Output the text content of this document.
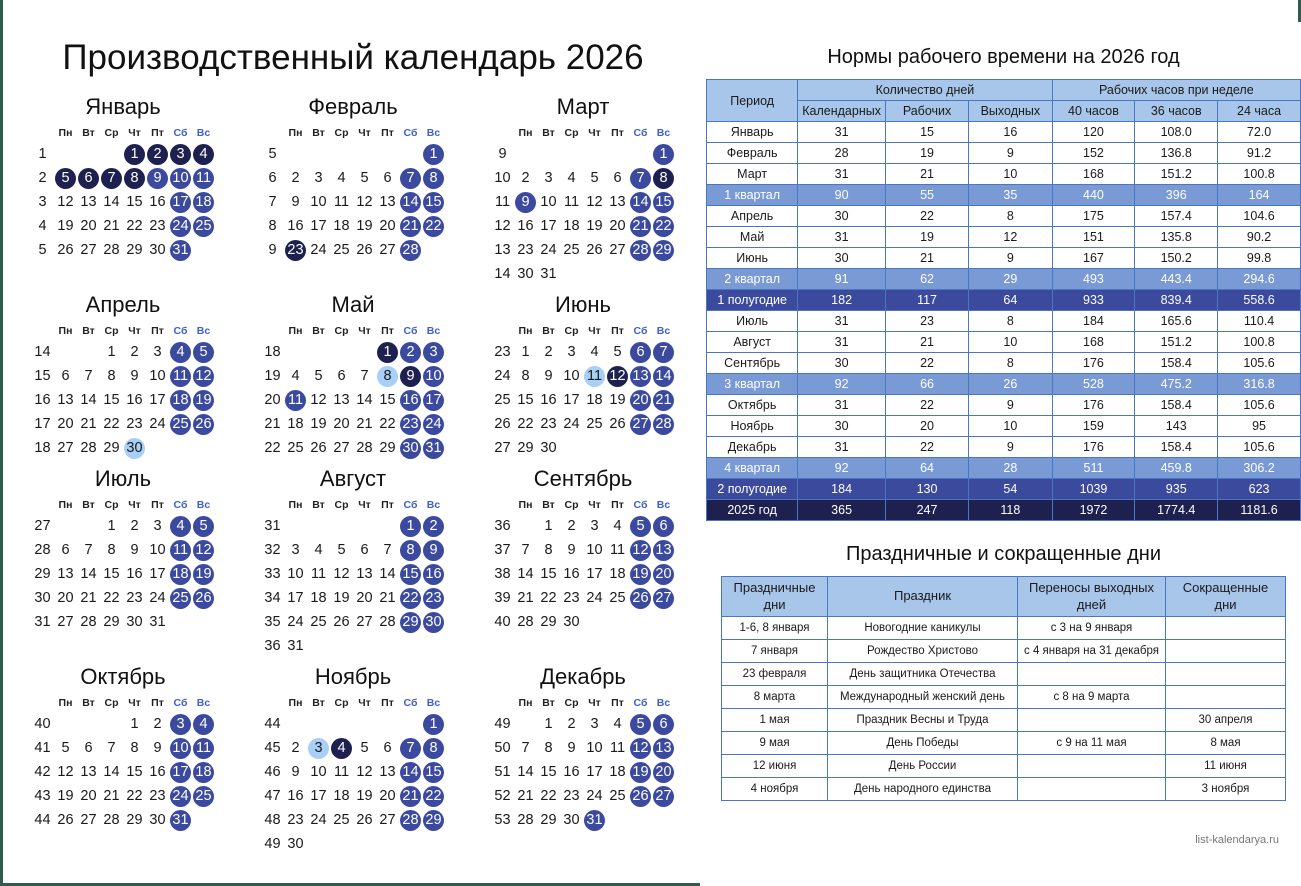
Производственный календарь 2026
Январь
	Пн	Вт	Ср	Чт	Пт	Сб	Вс
1				1	2	3	4
2	5	6	7	8	9	10	11
3	12	13	14	15	16	17	18
4	19	20	21	22	23	24	25
5	26	27	28	29	30	31	
Февраль
	Пн	Вт	Ср	Чт	Пт	Сб	Вс
5							1
6	2	3	4	5	6	7	8
7	9	10	11	12	13	14	15
8	16	17	18	19	20	21	22
9	23	24	25	26	27	28	
Март
	Пн	Вт	Ср	Чт	Пт	Сб	Вс
9							1
10	2	3	4	5	6	7	8
11	9	10	11	12	13	14	15
12	16	17	18	19	20	21	22
13	23	24	25	26	27	28	29
14	30	31					
Апрель
	Пн	Вт	Ср	Чт	Пт	Сб	Вс
14			1	2	3	4	5
15	6	7	8	9	10	11	12
16	13	14	15	16	17	18	19
17	20	21	22	23	24	25	26
18	27	28	29	30			
Май
	Пн	Вт	Ср	Чт	Пт	Сб	Вс
18					1	2	3
19	4	5	6	7	8	9	10
20	11	12	13	14	15	16	17
21	18	19	20	21	22	23	24
22	25	26	27	28	29	30	31
Июнь
	Пн	Вт	Ср	Чт	Пт	Сб	Вс
23	1	2	3	4	5	6	7
24	8	9	10	11	12	13	14
25	15	16	17	18	19	20	21
26	22	23	24	25	26	27	28
27	29	30					
Июль
	Пн	Вт	Ср	Чт	Пт	Сб	Вс
27			1	2	3	4	5
28	6	7	8	9	10	11	12
29	13	14	15	16	17	18	19
30	20	21	22	23	24	25	26
31	27	28	29	30	31		
Август
	Пн	Вт	Ср	Чт	Пт	Сб	Вс
31						1	2
32	3	4	5	6	7	8	9
33	10	11	12	13	14	15	16
34	17	18	19	20	21	22	23
35	24	25	26	27	28	29	30
36	31						
Сентябрь
	Пн	Вт	Ср	Чт	Пт	Сб	Вс
36		1	2	3	4	5	6
37	7	8	9	10	11	12	13
38	14	15	16	17	18	19	20
39	21	22	23	24	25	26	27
40	28	29	30				
Октябрь
	Пн	Вт	Ср	Чт	Пт	Сб	Вс
40				1	2	3	4
41	5	6	7	8	9	10	11
42	12	13	14	15	16	17	18
43	19	20	21	22	23	24	25
44	26	27	28	29	30	31	
Ноябрь
	Пн	Вт	Ср	Чт	Пт	Сб	Вс
44							1
45	2	3	4	5	6	7	8
46	9	10	11	12	13	14	15
47	16	17	18	19	20	21	22
48	23	24	25	26	27	28	29
49	30						
Декабрь
	Пн	Вт	Ср	Чт	Пт	Сб	Вс
49		1	2	3	4	5	6
50	7	8	9	10	11	12	13
51	14	15	16	17	18	19	20
52	21	22	23	24	25	26	27
53	28	29	30	31			
Нормы рабочего времени на 2026 год
Период	Количество дней			Рабочих часов при неделе		
	Календарных	Рабочих	Выходных	40 часов	36 часов	24 часа
Январь	31	15	16	120	108.0	72.0
Февраль	28	19	9	152	136.8	91.2
Март	31	21	10	168	151.2	100.8
1 квартал	90	55	35	440	396	164
Апрель	30	22	8	175	157.4	104.6
Май	31	19	12	151	135.8	90.2
Июнь	30	21	9	167	150.2	99.8
2 квартал	91	62	29	493	443.4	294.6
1 полугодие	182	117	64	933	839.4	558.6
Июль	31	23	8	184	165.6	110.4
Август	31	21	10	168	151.2	100.8
Сентябрь	30	22	8	176	158.4	105.6
3 квартал	92	66	26	528	475.2	316.8
Октябрь	31	22	9	176	158.4	105.6
Ноябрь	30	20	10	159	143	95
Декабрь	31	22	9	176	158.4	105.6
4 квартал	92	64	28	511	459.8	306.2
2 полугодие	184	130	54	1039	935	623
2025 год	365	247	118	1972	1774.4	1181.6
Праздничные и сокращенные дни
Праздничные дни	Праздник	Переносы выходных дней	Сокращенные дни
1-6, 8 января	Новогодние каникулы	с 3 на 9 января	
7 января	Рождество Христово	с 4 января на 31 декабря	
23 февраля	День защитника Отечества		
8 марта	Международный женский день	с 8 на 9 марта	
1 мая	Праздник Весны и Труда		30 апреля
9 мая	День Победы	с 9 на 11 мая	8 мая
12 июня	День России		11 июня
4 ноября	День народного единства		3 ноября
list-kalendarya.ru
